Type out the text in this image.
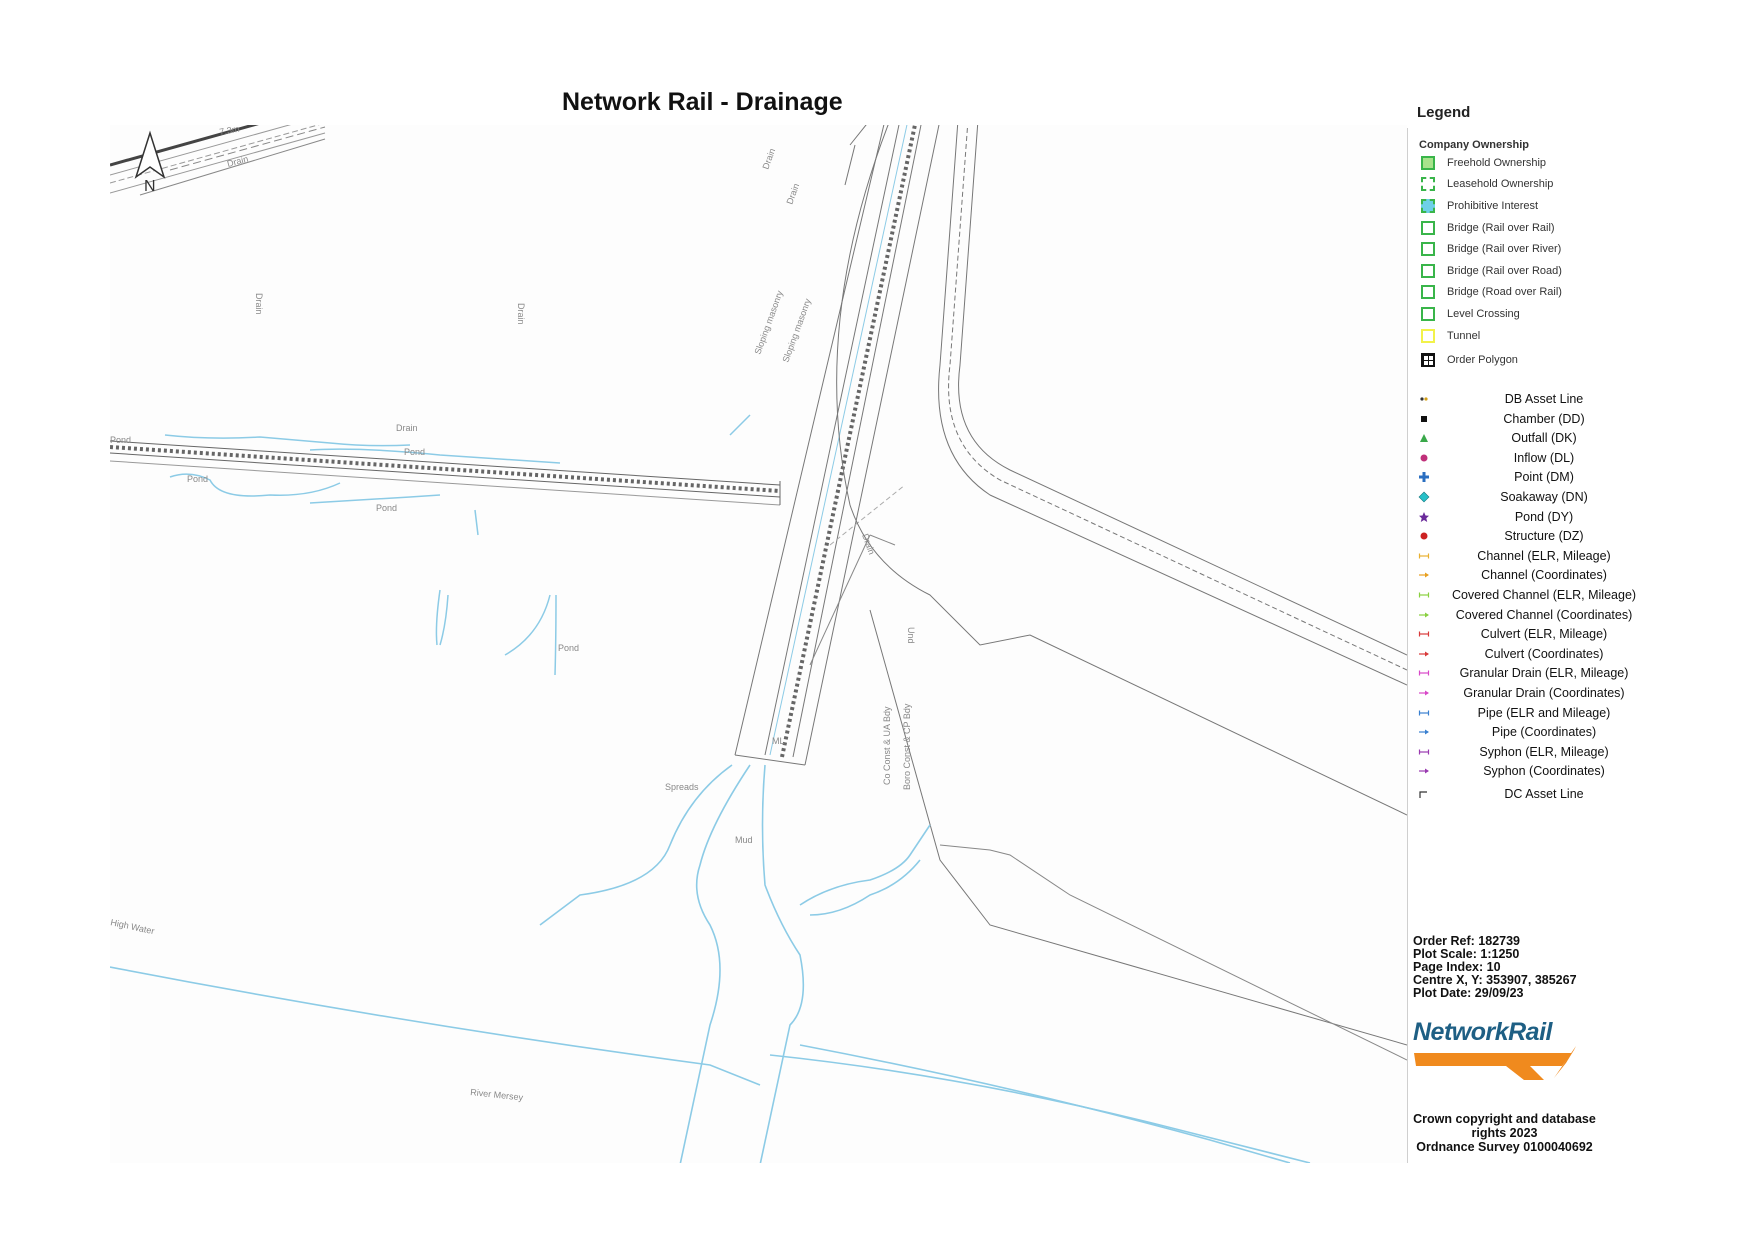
Network Rail - Drainage
N
7.3m
Drain
Drain	Drain
Drain
Drain
Drain
Drain
Pond
Pond
Pond
Pond
Pond
Sloping masonry
Sloping masonry
Und
Co Const & UA Bdy Boro Const & CP Bdy
Spreads
Mud
ML
High Water
River Mersey
Legend
Company Ownership
Freehold Ownership
Leasehold Ownership
Prohibitive Interest
Bridge (Rail over Rail)
Bridge (Rail over River)
Bridge (Rail over Road)
Bridge (Road over Rail)
Level Crossing
Tunnel
Order Polygon
DB Asset Line
Chamber (DD)
Outfall (DK)
Inflow (DL)
Point (DM)
Soakaway (DN)
Pond (DY)
Structure (DZ)
Channel (ELR, Mileage)
Channel (Coordinates)
Covered Channel (ELR, Mileage)
Covered Channel (Coordinates)
Culvert (ELR, Mileage)
Culvert (Coordinates)
Granular Drain (ELR, Mileage)
Granular Drain (Coordinates)
Pipe (ELR and Mileage)
Pipe (Coordinates)
Syphon (ELR, Mileage)
Syphon (Coordinates)
DC Asset Line
Order Ref: 182739
Plot Scale: 1:1250
Page Index: 10
Centre X, Y: 353907, 385267
Plot Date: 29/09/23
NetworkRail
Crown copyright and database rights 2023
Ordnance Survey 0100040692
